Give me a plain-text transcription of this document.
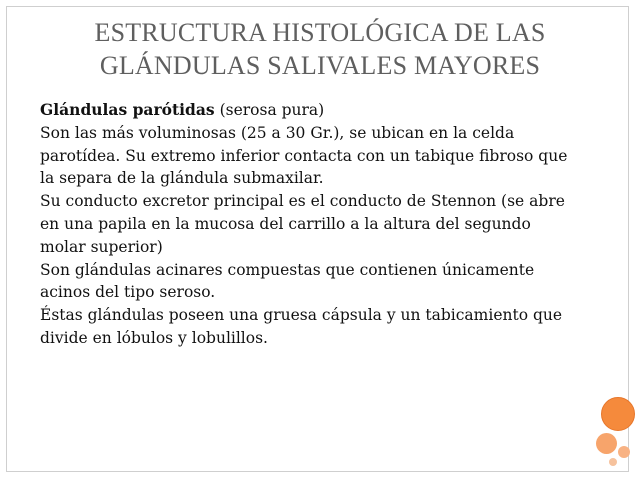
ESTRUCTURA HISTOLÓGICA DE LAS
GLÁNDULAS SALIVALES MAYORES

Glándulas parótidas (serosa pura)

Son las más voluminosas (25 a 30 Gr.), se ubican en la celda parotídea. Su extremo inferior contacta con un tabique fibroso que la separa de la glándula submaxilar.

Su conducto excretor principal es el conducto de Stennon (se abre en una papila en la mucosa del carrillo a la altura del segundo molar superior)

Son glándulas acinares compuestas que contienen únicamente acinos del tipo seroso.

Éstas glándulas poseen una gruesa cápsula y un tabicamiento que divide en lóbulos y lobulillos.
